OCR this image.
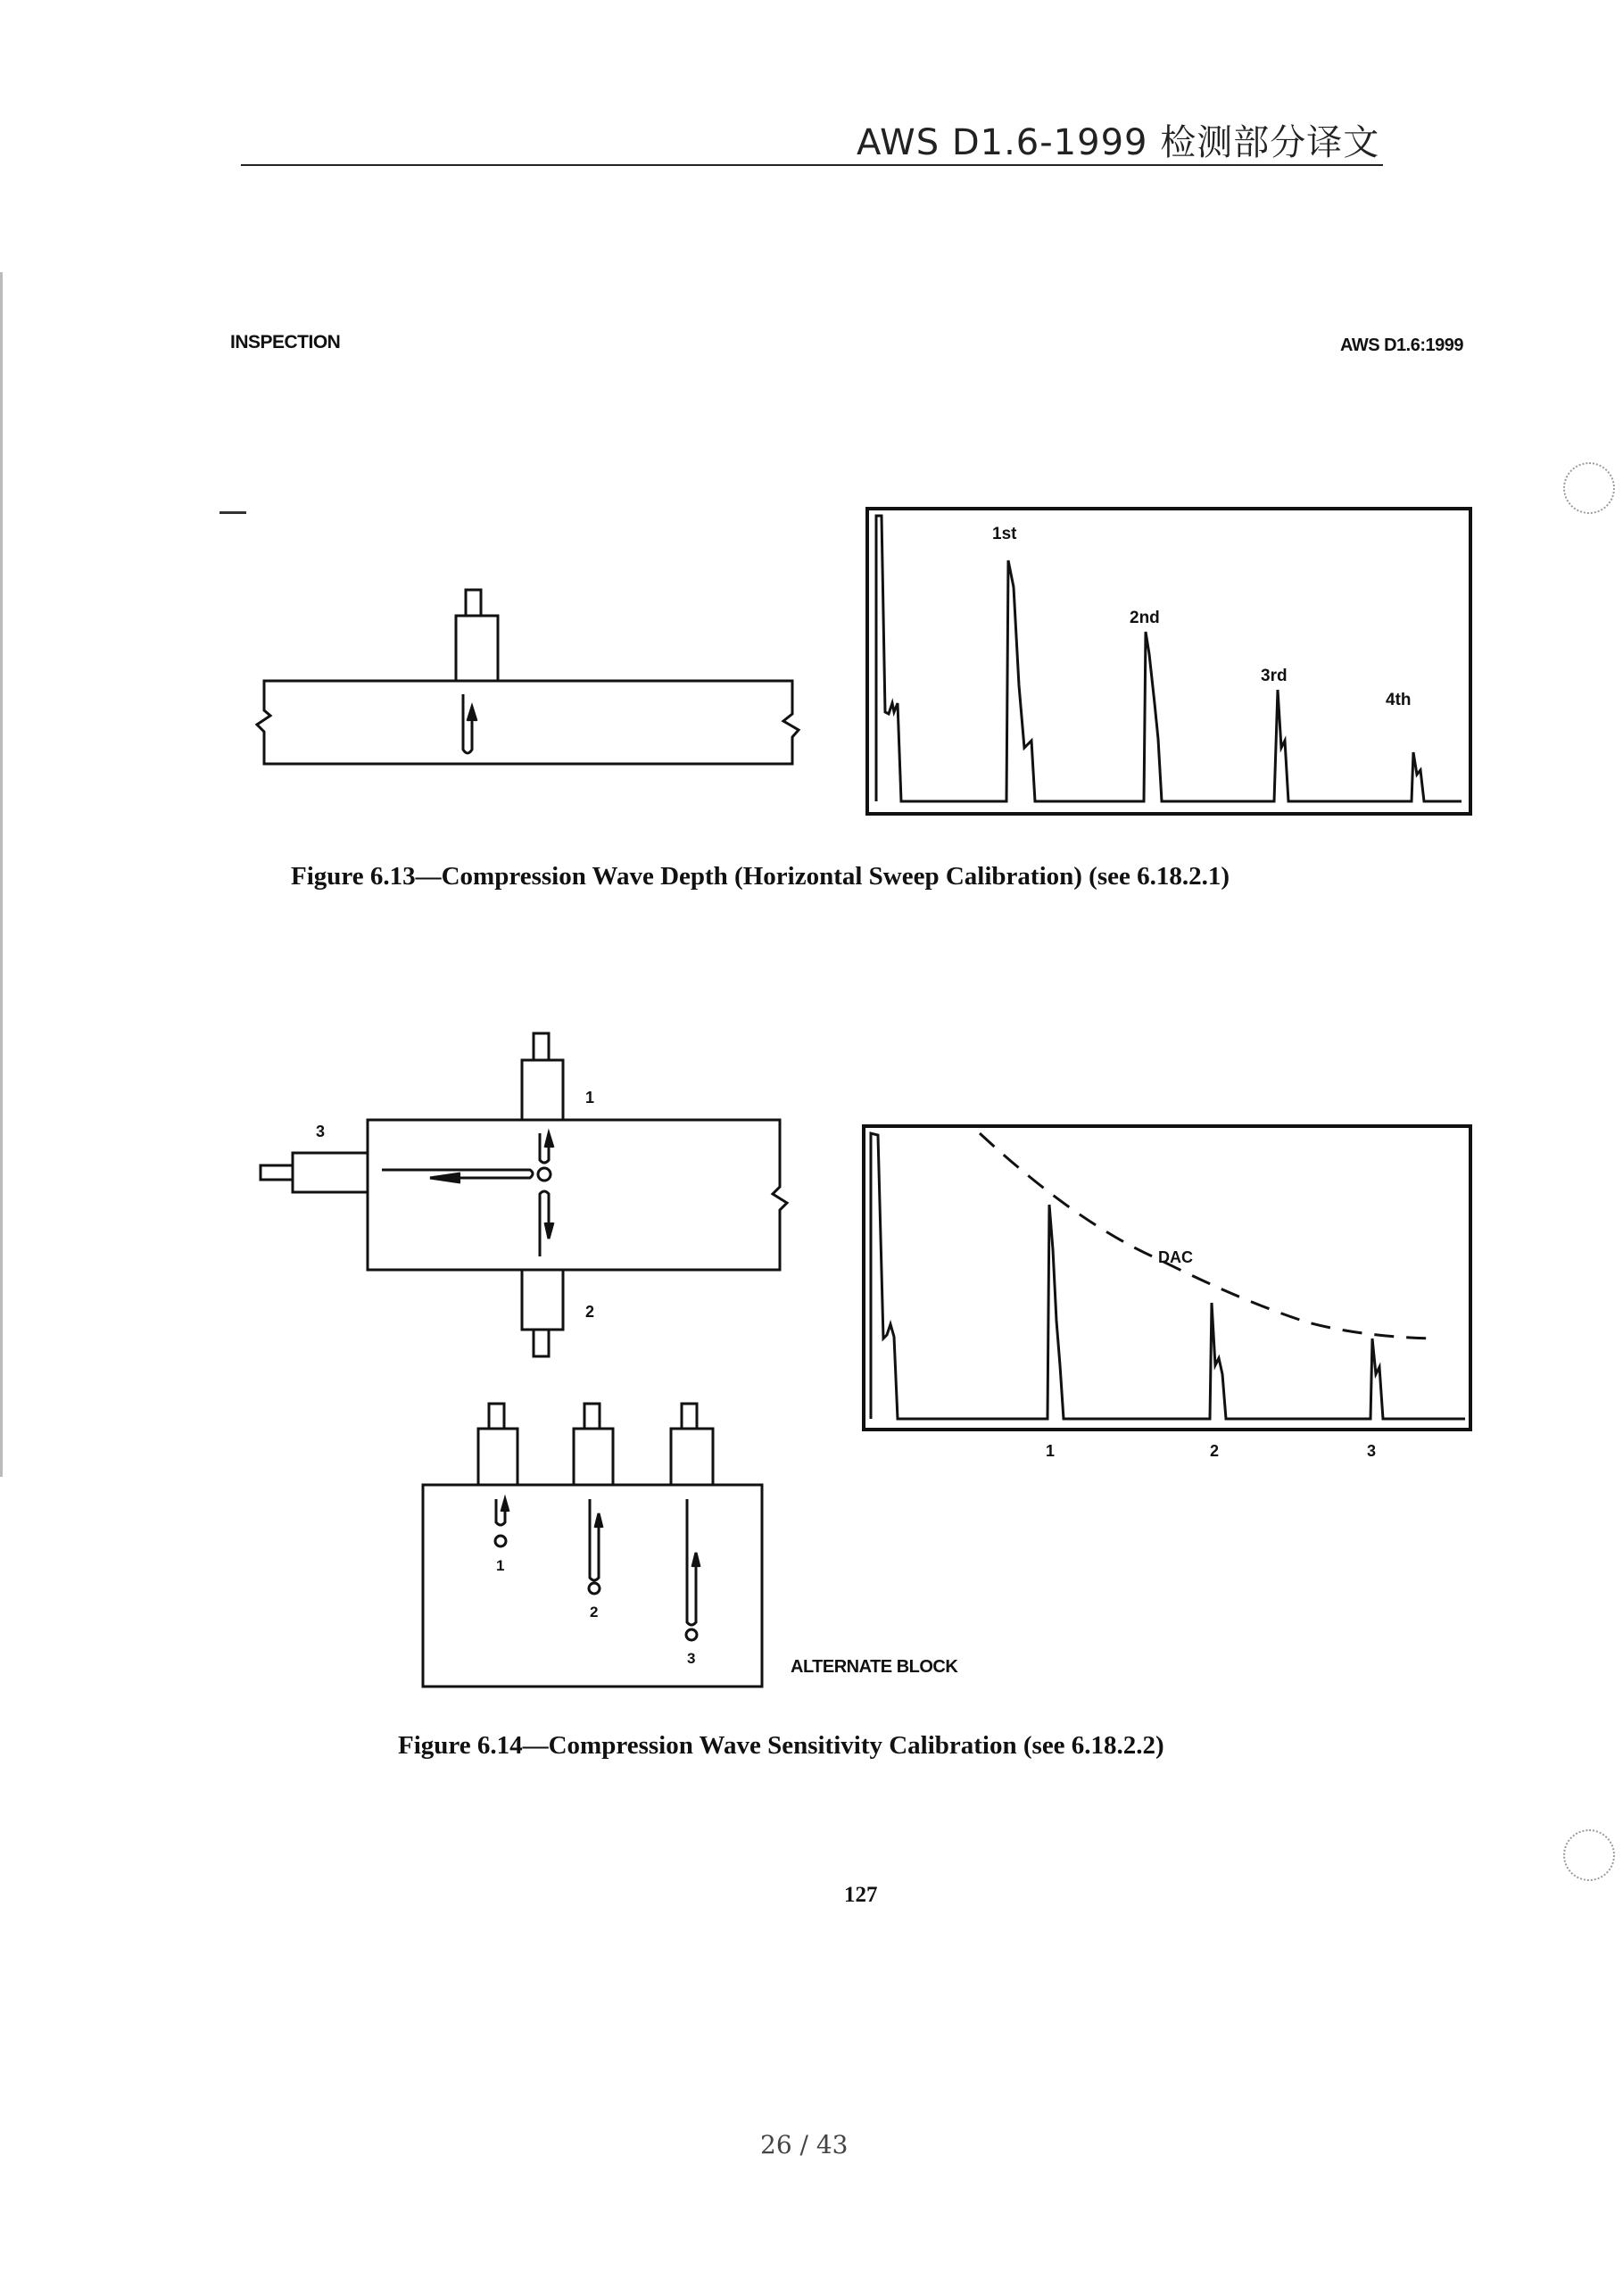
AWS D1.6-1999 检测部分译文
INSPECTION	AWS D1.6:1999
1st
2nd
3rd
4th
Figure 6.13—Compression Wave Depth (Horizontal Sweep Calibration) (see 6.18.2.1)
1
2
3
1
2
3	ALTERNATE BLOCK
DAC
1	2	3
Figure 6.14—Compression Wave Sensitivity Calibration (see 6.18.2.2)
127
26 / 43
